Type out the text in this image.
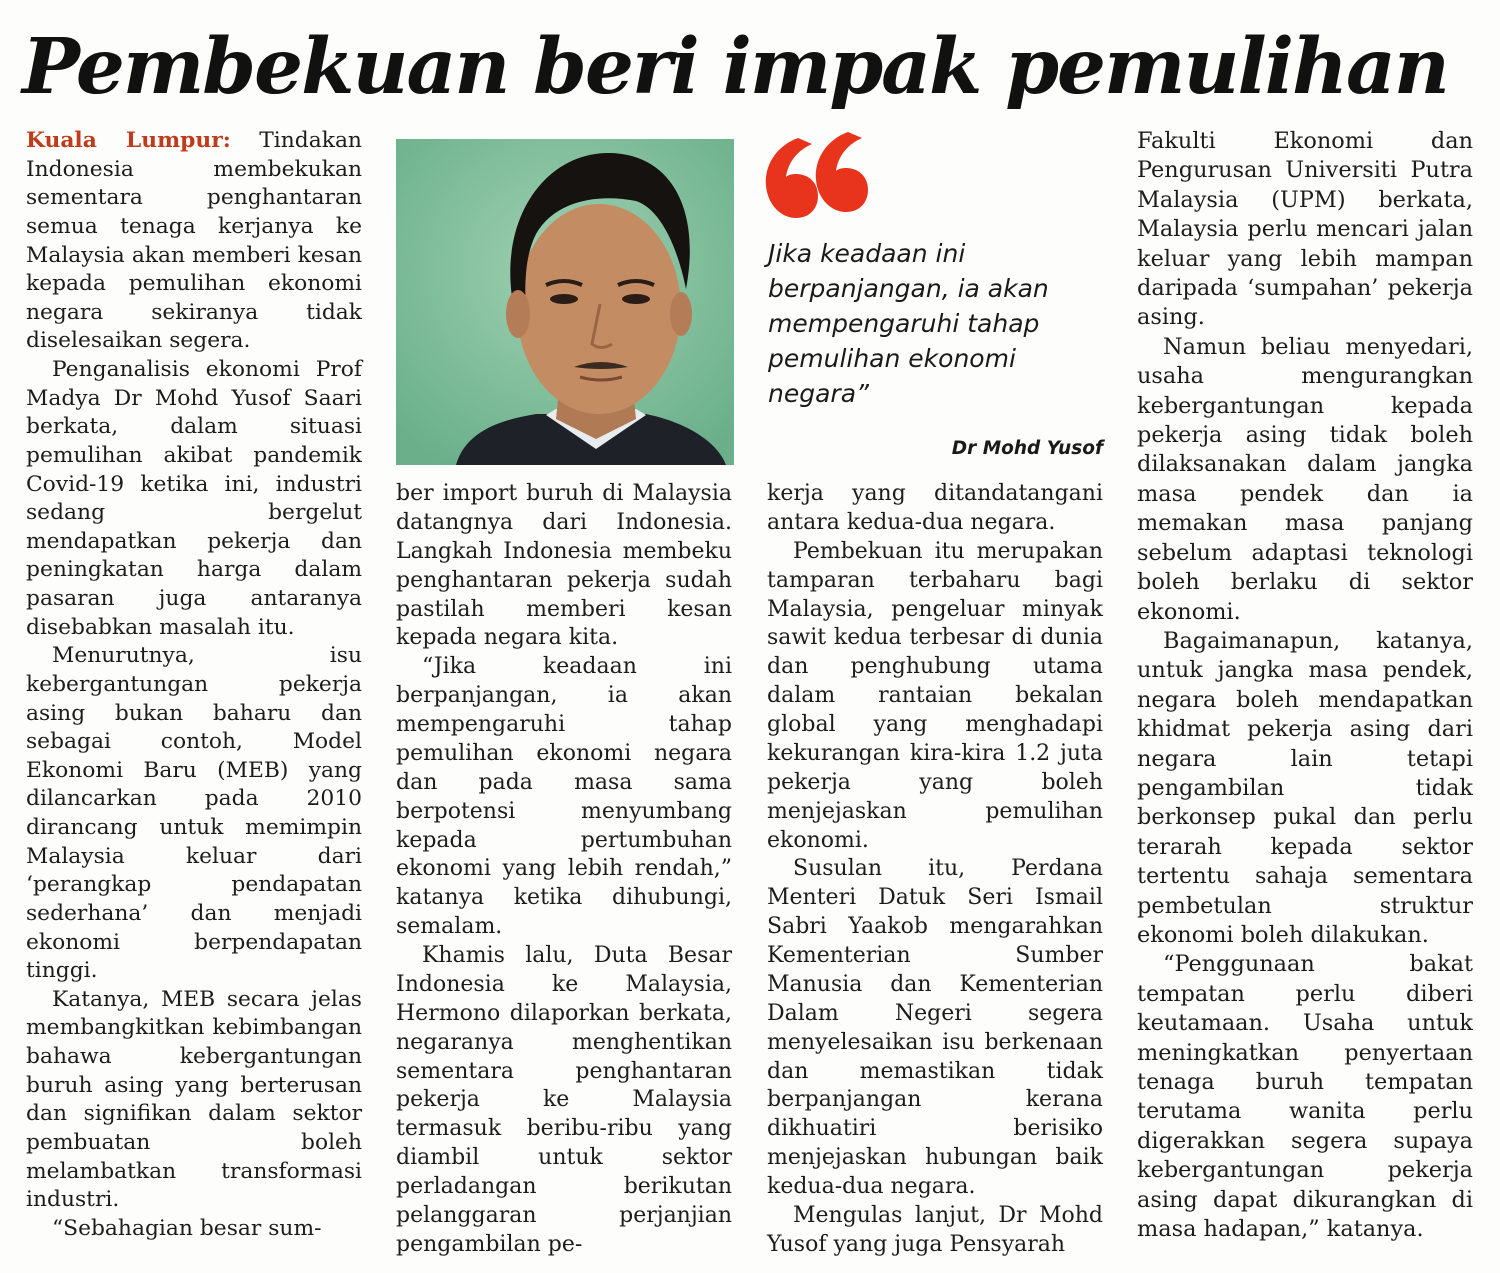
Pembekuan beri impak pemulihan

Kuala Lumpur: Tindakan Indonesia membekukan sementara penghantaran semua tenaga kerjanya ke Malaysia akan memberi kesan kepada pemulihan ekonomi negara sekiranya tidak diselesaikan segera.

Penganalisis ekonomi Prof Madya Dr Mohd Yusof Saari berkata, dalam situasi pemulihan akibat pandemik Covid-19 ketika ini, industri sedang bergelut mendapatkan pekerja dan peningkatan harga dalam pasaran juga antaranya disebabkan masalah itu.

Menurutnya, isu kebergantungan pekerja asing bukan baharu dan sebagai contoh, Model Ekonomi Baru (MEB) yang dilancarkan pada 2010 dirancang untuk memimpin Malaysia keluar dari ‘perangkap pendapatan sederhana’ dan menjadi ekonomi berpendapatan tinggi.

Katanya, MEB secara jelas membangkitkan kebimbangan bahawa kebergantungan buruh asing yang berterusan dan signifikan dalam sektor pembuatan boleh melambatkan transformasi industri.

“Sebahagian besar sum-

Jika keadaan ini berpanjangan, ia akan mempengaruhi tahap pemulihan ekonomi negara”

Dr Mohd Yusof

ber import buruh di Malaysia datangnya dari Indonesia. Langkah Indonesia membeku penghantaran pekerja sudah pastilah memberi kesan kepada negara kita.

“Jika keadaan ini berpanjangan, ia akan mempengaruhi tahap pemulihan ekonomi negara dan pada masa sama berpotensi menyumbang kepada pertumbuhan ekonomi yang lebih rendah,” katanya ketika dihubungi, semalam.

Khamis lalu, Duta Besar Indonesia ke Malaysia, Hermono dilaporkan berkata, negaranya menghentikan sementara penghantaran pekerja ke Malaysia termasuk beribu-ribu yang diambil untuk sektor perladangan berikutan pelanggaran perjanjian pengambilan pe-

kerja yang ditandatangani antara kedua-dua negara.

Pembekuan itu merupakan tamparan terbaharu bagi Malaysia, pengeluar minyak sawit kedua terbesar di dunia dan penghubung utama dalam rantaian bekalan global yang menghadapi kekurangan kira-kira 1.2 juta pekerja yang boleh menjejaskan pemulihan ekonomi.

Susulan itu, Perdana Menteri Datuk Seri Ismail Sabri Yaakob mengarahkan Kementerian Sumber Manusia dan Kementerian Dalam Negeri segera menyelesaikan isu berkenaan dan memastikan tidak berpanjangan kerana dikhuatiri berisiko menjejaskan hubungan baik kedua-dua negara.

Mengulas lanjut, Dr Mohd Yusof yang juga Pensyarah

Fakulti Ekonomi dan Pengurusan Universiti Putra Malaysia (UPM) berkata, Malaysia perlu mencari jalan keluar yang lebih mampan daripada ‘sumpahan’ pekerja asing.

Namun beliau menyedari, usaha mengurangkan kebergantungan kepada pekerja asing tidak boleh dilaksanakan dalam jangka masa pendek dan ia memakan masa panjang sebelum adaptasi teknologi boleh berlaku di sektor ekonomi.

Bagaimanapun, katanya, untuk jangka masa pendek, negara boleh mendapatkan khidmat pekerja asing dari negara lain tetapi pengambilan tidak berkonsep pukal dan perlu terarah kepada sektor tertentu sahaja sementara pembetulan struktur ekonomi boleh dilakukan.

“Penggunaan bakat tempatan perlu diberi keutamaan. Usaha untuk meningkatkan penyertaan tenaga buruh tempatan terutama wanita perlu digerakkan segera supaya kebergantungan pekerja asing dapat dikurangkan di masa hadapan,” katanya.
